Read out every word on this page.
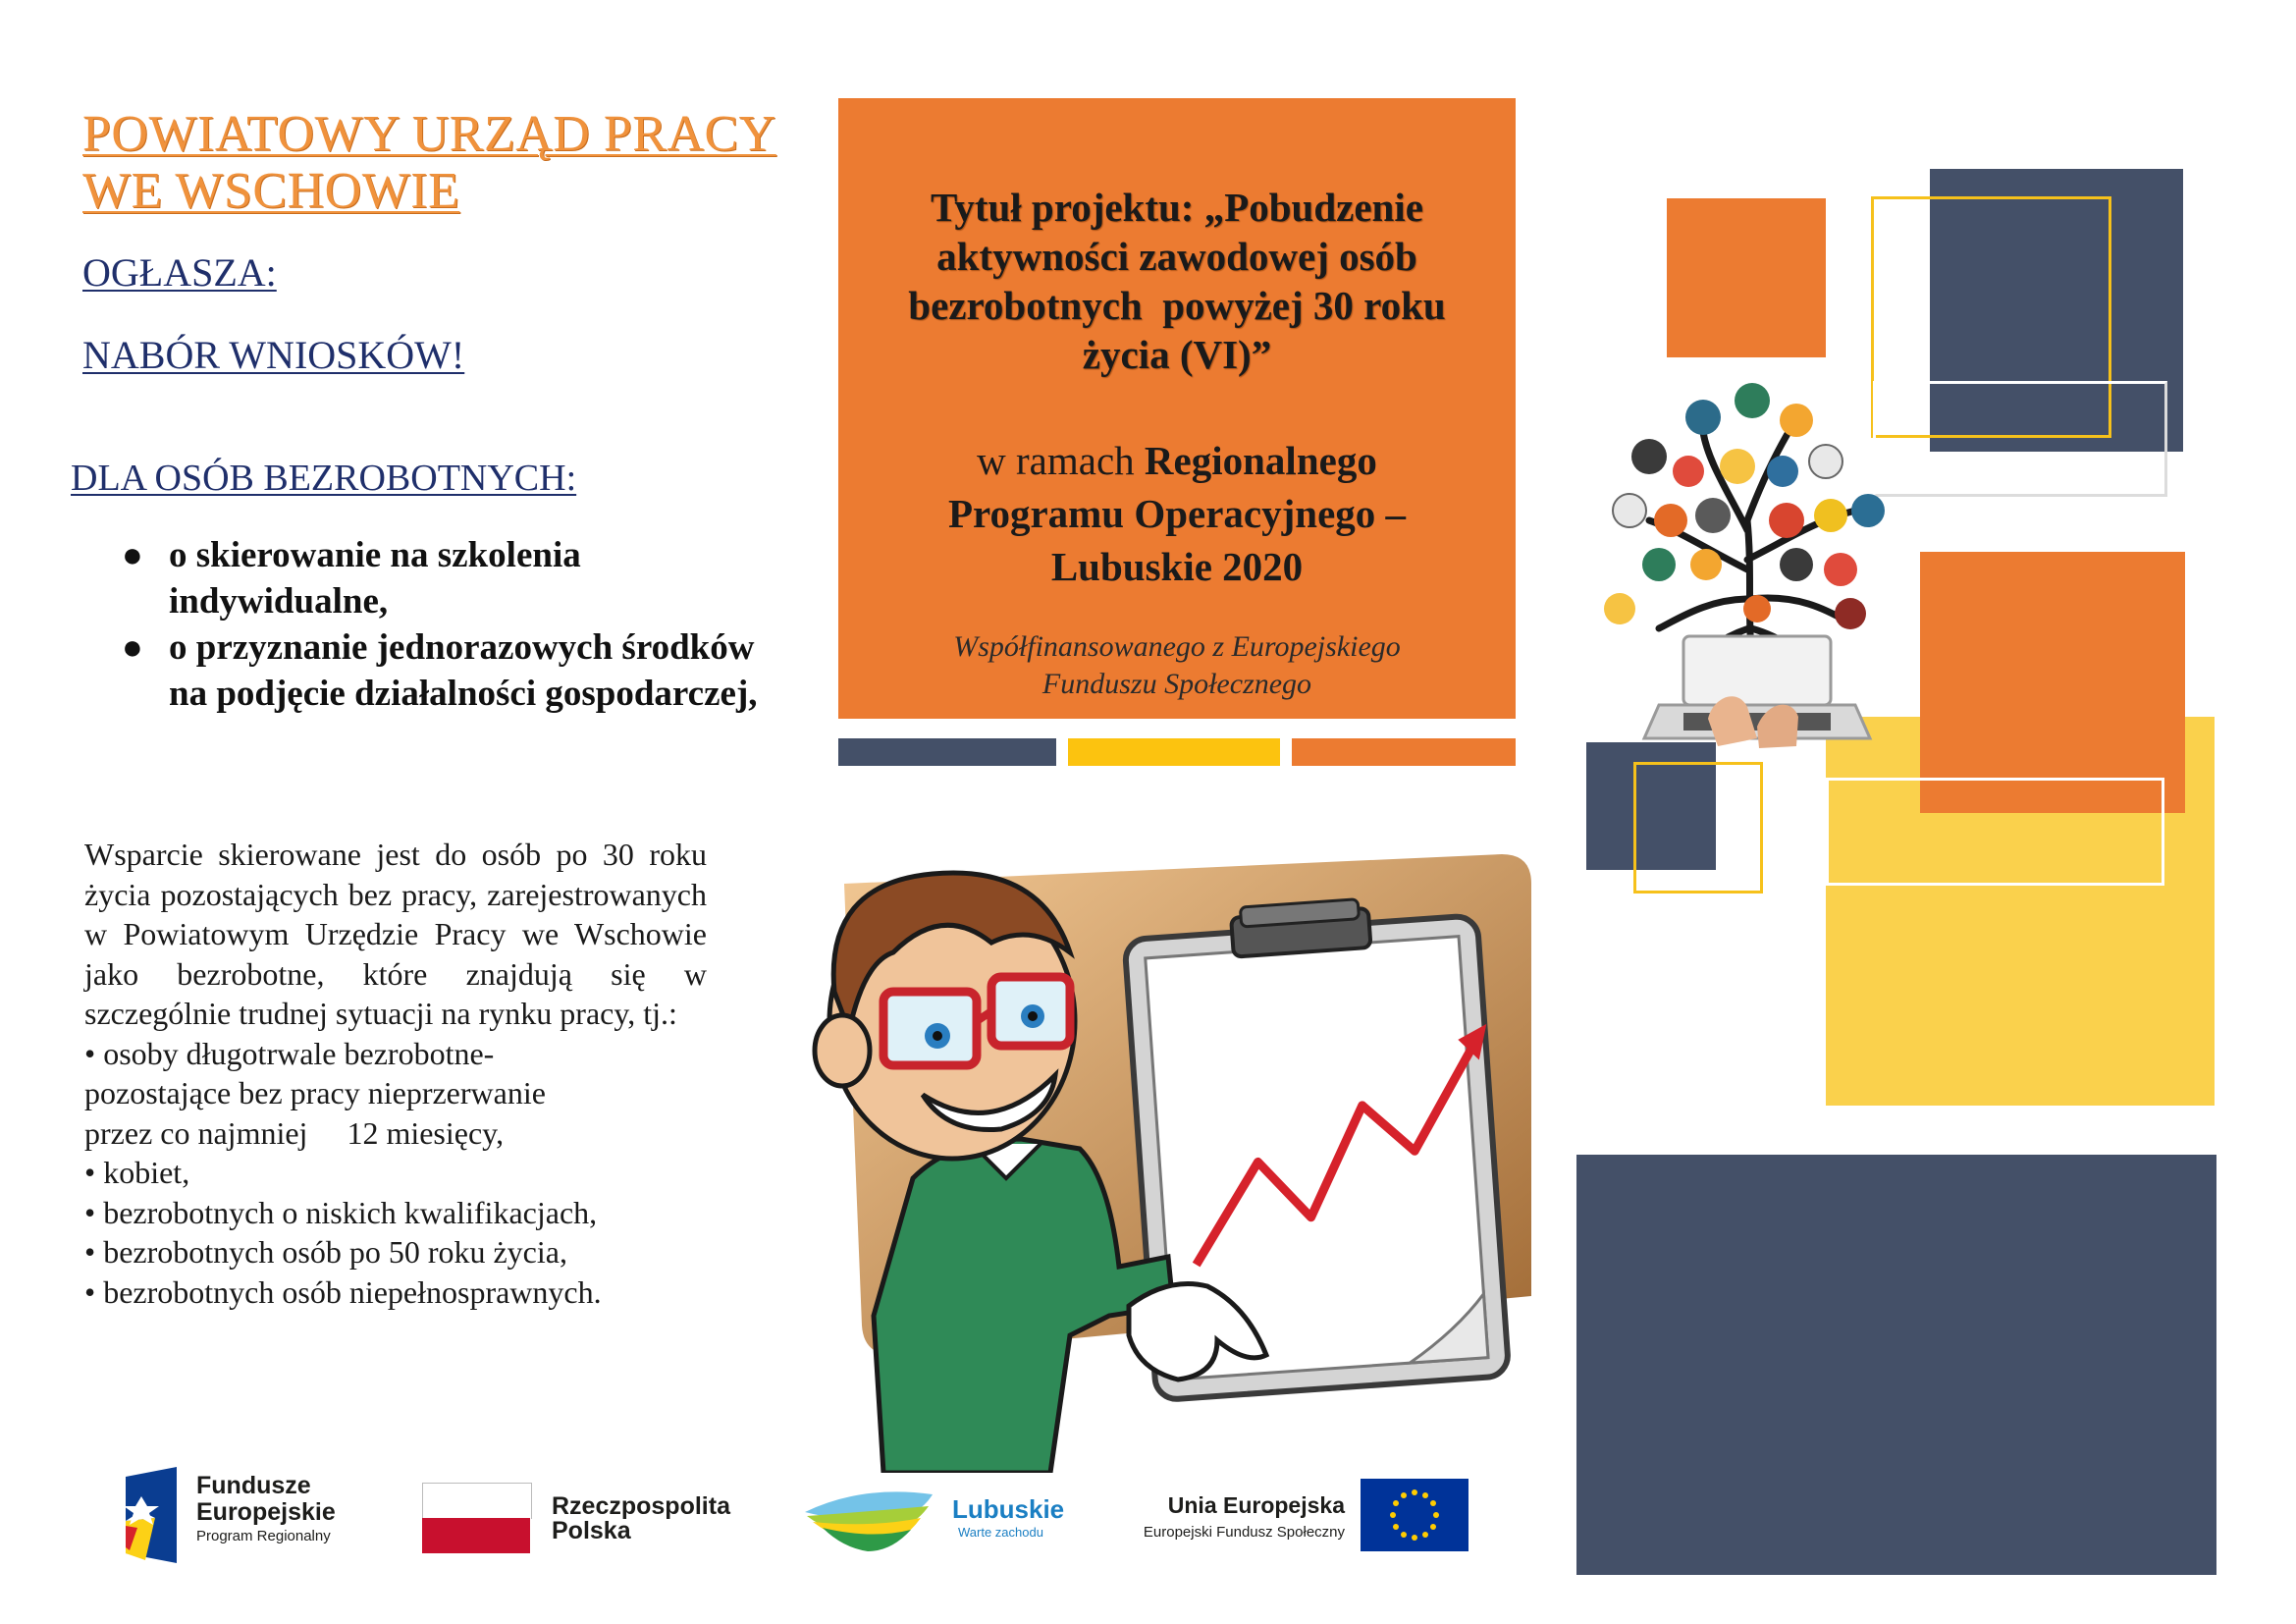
POWIATOWY URZĄD PRACY
WE WSCHOWIE
OGŁASZA:
NABÓR WNIOSKÓW!
DLA OSÓB BEZROBOTNYCH:
● o skierowanie na szkolenia indywidualne,
● o przyznanie jednorazowych środków na podjęcie działalności gospodarczej,

Wsparcie skierowane jest do osób po 30 roku życia pozostających bez pracy, zarejestrowanych w Powiatowym Urzędzie Pracy we Wschowie jako bezrobotne, które znajdują się w szczególnie trudnej sytuacji na rynku pracy, tj.:

• osoby długotrwale bezrobotne-
pozostające bez pracy nieprzerwanie
przez co najmniej     12 miesięcy,
• kobiet,
• bezrobotnych o niskich kwalifikacjach,
• bezrobotnych osób po 50 roku życia,
• bezrobotnych osób niepełnosprawnych.
Tytuł projektu: „Pobudzenie
aktywności zawodowej osób
bezrobotnych  powyżej 30 roku
życia (VI)”
w ramach Regionalnego
Programu Operacyjnego –
Lubuskie 2020
Współfinansowanego z Europejskiego
Funduszu Społecznego
Fundusze
Europejskie
Program Regionalny
Rzeczpospolita
Polska
Lubuskie
Warte zachodu
Unia Europejska
Europejski Fundusz Społeczny
